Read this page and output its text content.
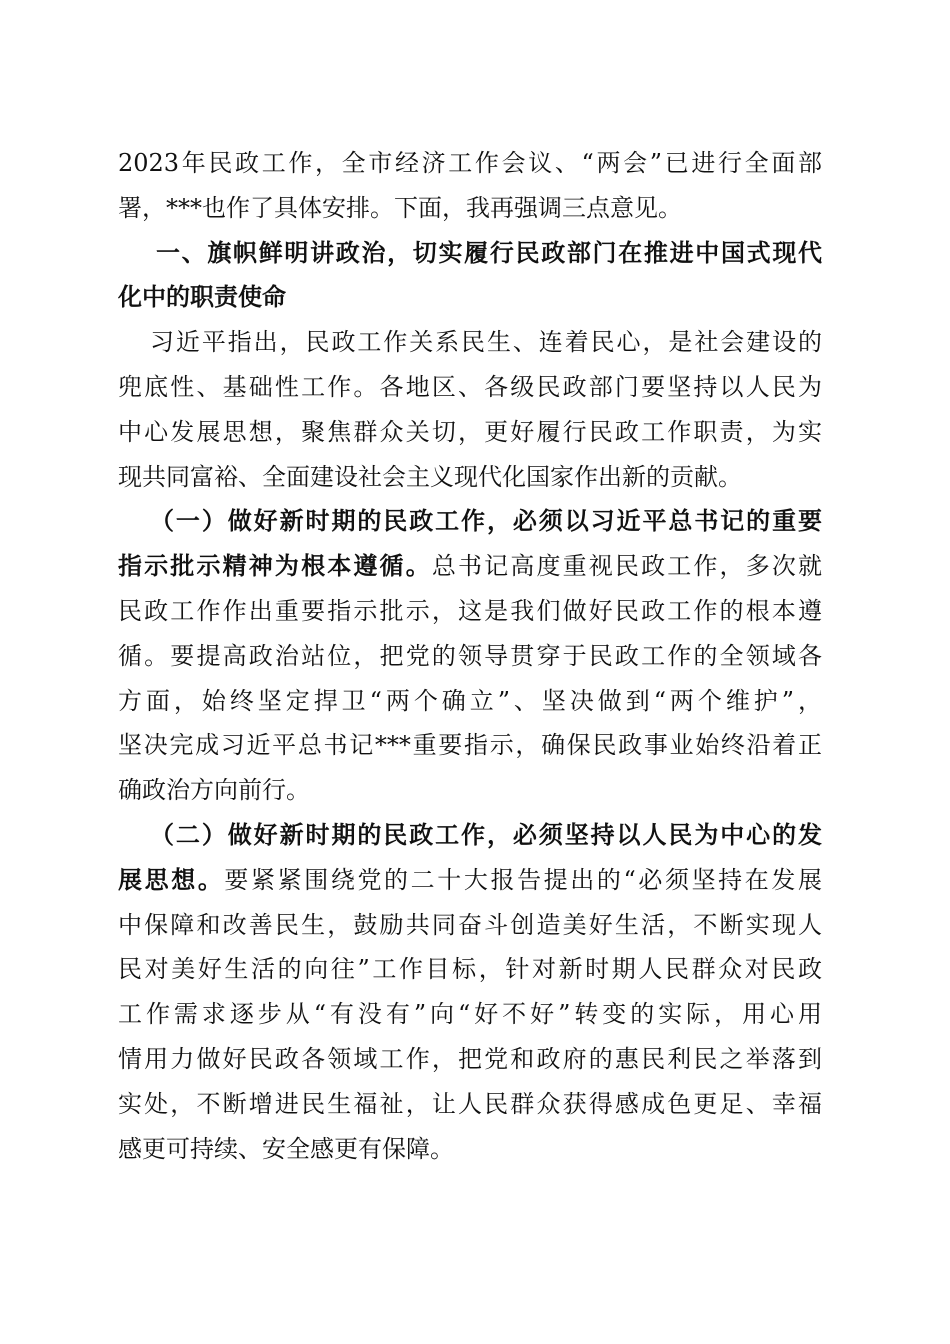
2023年民政工作，全市经济工作会议、“两会”已进行全面部
署，***也作了具体安排。下面，我再强调三点意见。
一、旗帜鲜明讲政治，切实履行民政部门在推进中国式现代
化中的职责使命
习近平指出，民政工作关系民生、连着民心，是社会建设的
兜底性、基础性工作。各地区、各级民政部门要坚持以人民为
中心发展思想，聚焦群众关切，更好履行民政工作职责，为实
现共同富裕、全面建设社会主义现代化国家作出新的贡献。
（一）做好新时期的民政工作，必须以习近平总书记的重要
指示批示精神为根本遵循。总书记高度重视民政工作，多次就
民政工作作出重要指示批示，这是我们做好民政工作的根本遵
循。要提高政治站位，把党的领导贯穿于民政工作的全领域各
方面，始终坚定捍卫“两个确立”、坚决做到“两个维护”，
坚决完成习近平总书记***重要指示，确保民政事业始终沿着正
确政治方向前行。
（二）做好新时期的民政工作，必须坚持以人民为中心的发
展思想。要紧紧围绕党的二十大报告提出的“必须坚持在发展
中保障和改善民生，鼓励共同奋斗创造美好生活，不断实现人
民对美好生活的向往”工作目标，针对新时期人民群众对民政
工作需求逐步从“有没有”向“好不好”转变的实际，用心用
情用力做好民政各领域工作，把党和政府的惠民利民之举落到
实处，不断增进民生福祉，让人民群众获得感成色更足、幸福
感更可持续、安全感更有保障。
